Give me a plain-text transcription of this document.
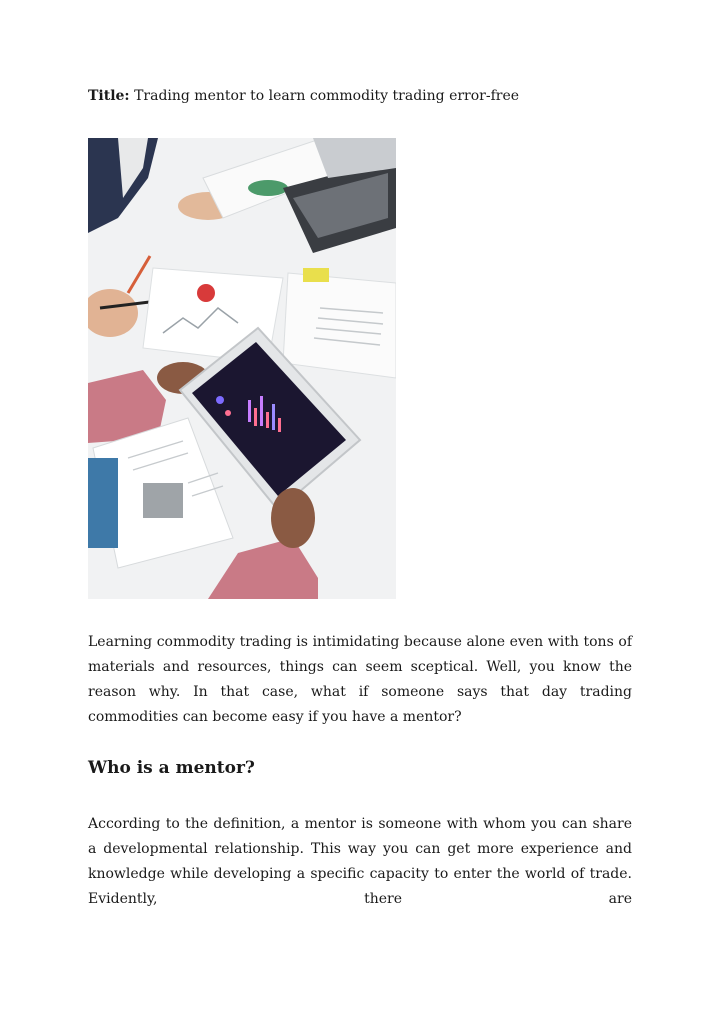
Title: Trading mentor to learn commodity trading error-free
Learning commodity trading is intimidating because alone even with tons of materials and resources, things can seem sceptical. Well, you know the reason why. In that case, what if someone says that day trading commodities can become easy if you have a mentor?
Who is a mentor?
According to the definition, a mentor is someone with whom you can share a developmental relationship. This way you can get more experience and knowledge while developing a specific capacity to enter the world of trade. Evidently, there are
